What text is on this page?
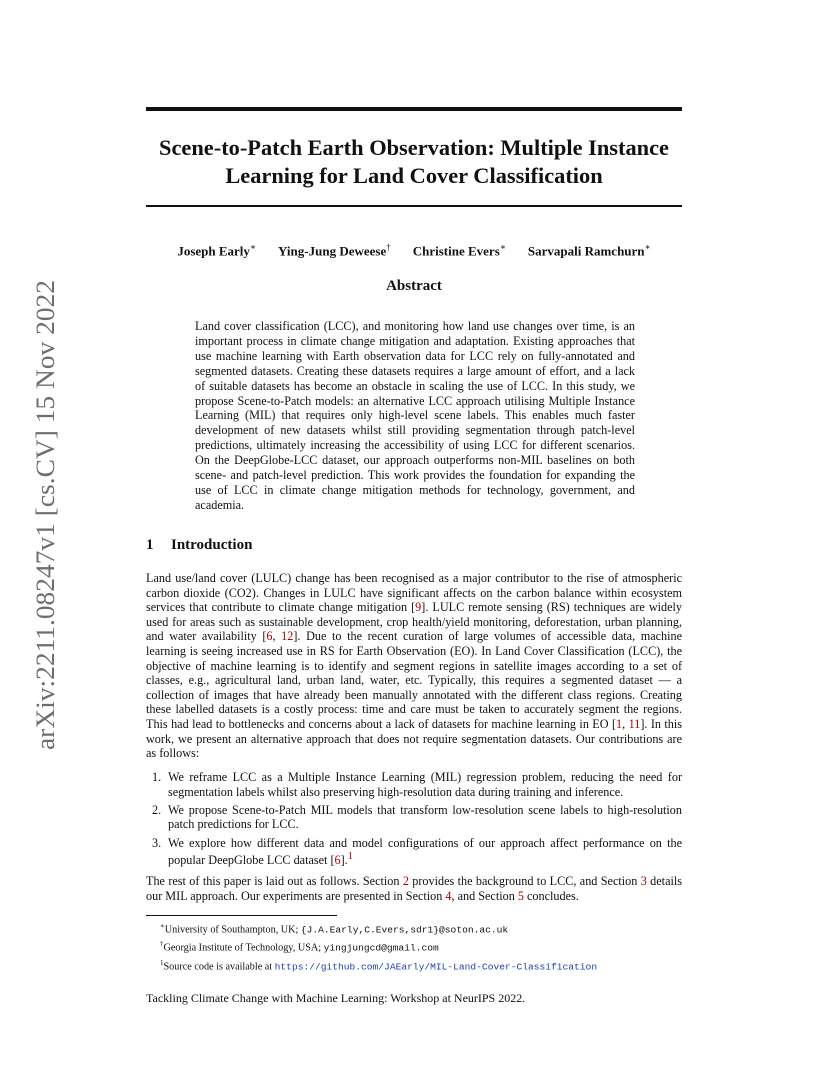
arXiv:2211.08247v1 [cs.CV] 15 Nov 2022
Scene-to-Patch Earth Observation: Multiple Instance
Learning for Land Cover Classification
Joseph Early∗ Ying-Jung Deweese† Christine Evers∗ Sarvapali Ramchurn∗
Abstract
Land cover classification (LCC), and monitoring how land use changes over time, is an important process in climate change mitigation and adaptation. Existing approaches that use machine learning with Earth observation data for LCC rely on fully-annotated and segmented datasets. Creating these datasets requires a large amount of effort, and a lack of suitable datasets has become an obstacle in scaling the use of LCC. In this study, we propose Scene-to-Patch models: an alternative LCC approach utilising Multiple Instance Learning (MIL) that requires only high-level scene labels. This enables much faster development of new datasets whilst still providing segmentation through patch-level predictions, ultimately increasing the accessibility of using LCC for different scenarios. On the DeepGlobe-LCC dataset, our approach outperforms non-MIL baselines on both scene- and patch-level prediction. This work provides the foundation for expanding the use of LCC in climate change mitigation methods for technology, government, and academia.
1 Introduction
Land use/land cover (LULC) change has been recognised as a major contributor to the rise of atmospheric carbon dioxide (CO2). Changes in LULC have significant affects on the carbon balance within ecosystem services that contribute to climate change mitigation [9]. LULC remote sensing (RS) techniques are widely used for areas such as sustainable development, crop health/yield monitoring, deforestation, urban planning, and water availability [6, 12]. Due to the recent curation of large volumes of accessible data, machine learning is seeing increased use in RS for Earth Observation (EO). In Land Cover Classification (LCC), the objective of machine learning is to identify and segment regions in satellite images according to a set of classes, e.g., agricultural land, urban land, water, etc. Typically, this requires a segmented dataset — a collection of images that have already been manually annotated with the different class regions. Creating these labelled datasets is a costly process: time and care must be taken to accurately segment the regions. This had lead to bottlenecks and concerns about a lack of datasets for machine learning in EO [1, 11]. In this work, we present an alternative approach that does not require segmentation datasets. Our contributions are as follows:
1. We reframe LCC as a Multiple Instance Learning (MIL) regression problem, reducing the need for segmentation labels whilst also preserving high-resolution data during training and inference.
2. We propose Scene-to-Patch MIL models that transform low-resolution scene labels to high-resolution patch predictions for LCC.
3. We explore how different data and model configurations of our approach affect performance on the popular DeepGlobe LCC dataset [6].$^1$
The rest of this paper is laid out as follows. Section 2 provides the background to LCC, and Section 3 details our MIL approach. Our experiments are presented in Section 4, and Section 5 concludes.
∗University of Southampton, UK; {J.A.Early,C.Evers,sdr1}@soton.ac.uk
†Georgia Institute of Technology, USA; yingjungcd@gmail.com
$^1$Source code is available at https://github.com/JAEarly/MIL-Land-Cover-Classification
Tackling Climate Change with Machine Learning: Workshop at NeurIPS 2022.
